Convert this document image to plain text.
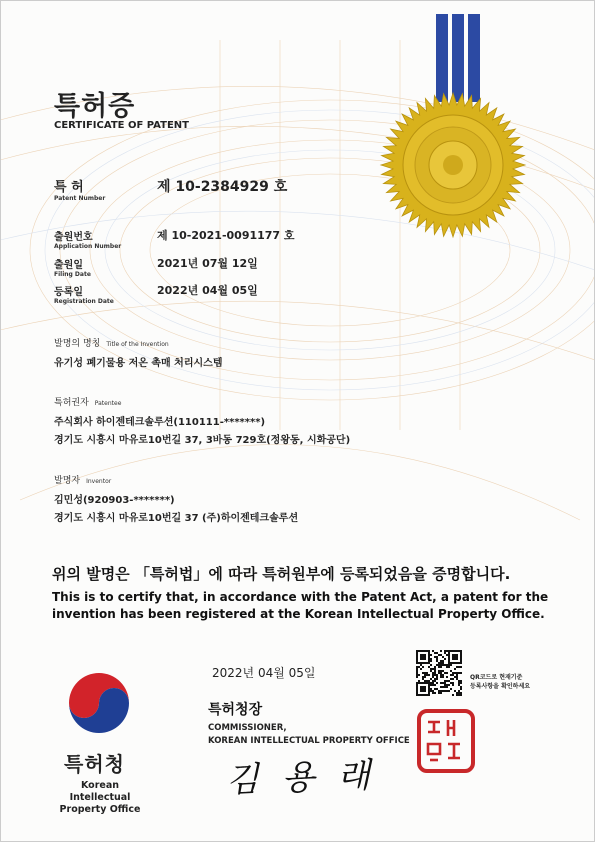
특허증
CERTIFICATE OF PATENT
특 허
Patent Number
제 10-2384929 호
출원번호
Application Number
제 10-2021-0091177 호
출원일
Filing Date
2021년 07월 12일
등록일
Registration Date
2022년 04월 05일
발명의 명칭 Title of the Invention
유기성 폐기물용 저온 촉매 처리시스템
특허권자 Patentee
주식회사 하이젠테크솔루션(110111-*******)
경기도 시흥시 마유로10번길 37, 3바동 729호(정왕동, 시화공단)
발명자 Inventor
김민성(920903-*******)
경기도 시흥시 마유로10번길 37 (주)하이젠테크솔루션
위의 발명은 「특허법」에 따라 특허원부에 등록되었음을 증명합니다.
This is to certify that, in accordance with the Patent Act, a patent for the
invention has been registered at the Korean Intellectual Property Office.
2022년 04월 05일	QR코드로 현재기준
등록사항을 확인하세요
특허청장
COMMISSIONER,
KOREAN INTELLECTUAL PROPERTY OFFICE
김 용 래
특허청
Korean Intellectual
Property Office
